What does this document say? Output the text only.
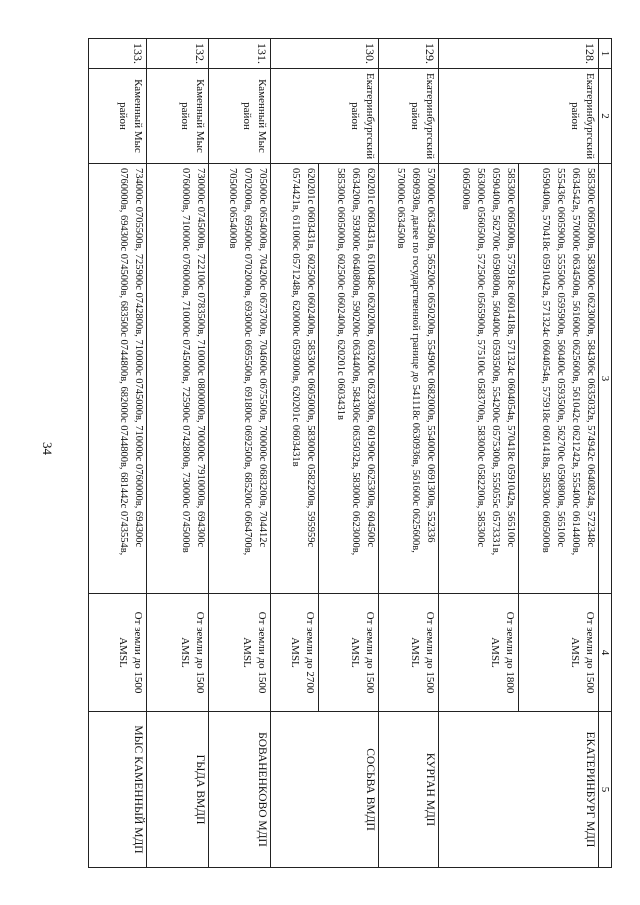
34
1	2	3	4	5
128.	Екатеринбургский район	585300с 0605000в, 583000с 0623000в, 584306с 0635032в, 574942с 0640824в, 572348с 0634542в, 570000с 0634500в, 561600с 0625600в, 561042с 0621242в, 555400с 0614400в, 555436с 0605900в, 555500с 0595900в, 560400с 0593500в, 562700с 0590800в, 565100с 0590400в, 570418с 0591042в, 571324с 0604054в, 575918с 0601418в, 585300с 0605000в	От земли до 1500 AMSL	ЕКАТЕРИНБУРГ МДП
		585300с 0605000в, 575918с 0601418в, 571324с 0604054в, 570418с 0591042в, 565100с 0590400в, 562700с 0590800в, 560400с 0593500в, 554200с 0575300в, 555055с 0573331в, 563000с 0560500в, 572500с 0565900в, 575100с 0583700в, 583000с 0582200в, 585300с 0605000в	От земли до 1800 AMSL	
129.	Екатеринбургский район	570000с 0634500в, 565200с 0650200в, 554900с 0682000в, 554000с 0691300в, 552336 0690930в, далее по государственной границе до 541118с 0630936в, 561600с 0625600в, 570000с 0634500в	От земли до 1500 AMSL	КУРГАН МДП
130.	Екатеринбургский район	620201с 0603431в, 610048с 0620200в, 603200с 0623300в, 601900с 0625300в, 604500с 0634200в, 593000с 0640800в, 590200с 0634400в, 584306с 0635032в, 583000с 0623000в, 585300с 0605000в, 602500с 0602400в, 620201с 0603431в	От земли до 1500 AMSL	СОСЬВА ВМДП
		620201с 0603431в, 602500с 0602400в, 585300с 0605000в, 583000с 0582200в, 595959с 0574421в, 611006с 0571248в, 620000с 0593000в, 620201с 0603431в	От земли до 2700 AMSL	
131.	Каменный Мыс район	705000с 0654000в, 704200с 0673700в, 704600с 0675500в, 700000с 0683200в, 704412с 0702000в, 695000с 0702000в, 693000с 0695500в, 691800с 0692500в, 685200с 0664700в, 705000с 0654000в	От земли до 1500 AMSL	БОВАНЕНКОВО МДП
132.	Каменный Мыс район	730000с 0745000в, 722100с 0783500в, 710000с 0800000в, 700000с 7910000в, 694300с 0760000в, 710000с 0760000в, 710000с 0745000в, 725900с 0742800в, 730000с 0745000в	От земли до 1500 AMSL	ГЫДА ВМДП
133.	Каменный Мыс район	734000с 0705500в, 725900с 0742800в, 710000с 0745000в, 710000с 0760000в, 694300с 0760000в, 694300с 0745000в, 683500с 0744800в, 682000с 0744800в, 681442с 0743554в,	От земли до 1500 AMSL	МЫС КАМЕННЫЙ МДП
